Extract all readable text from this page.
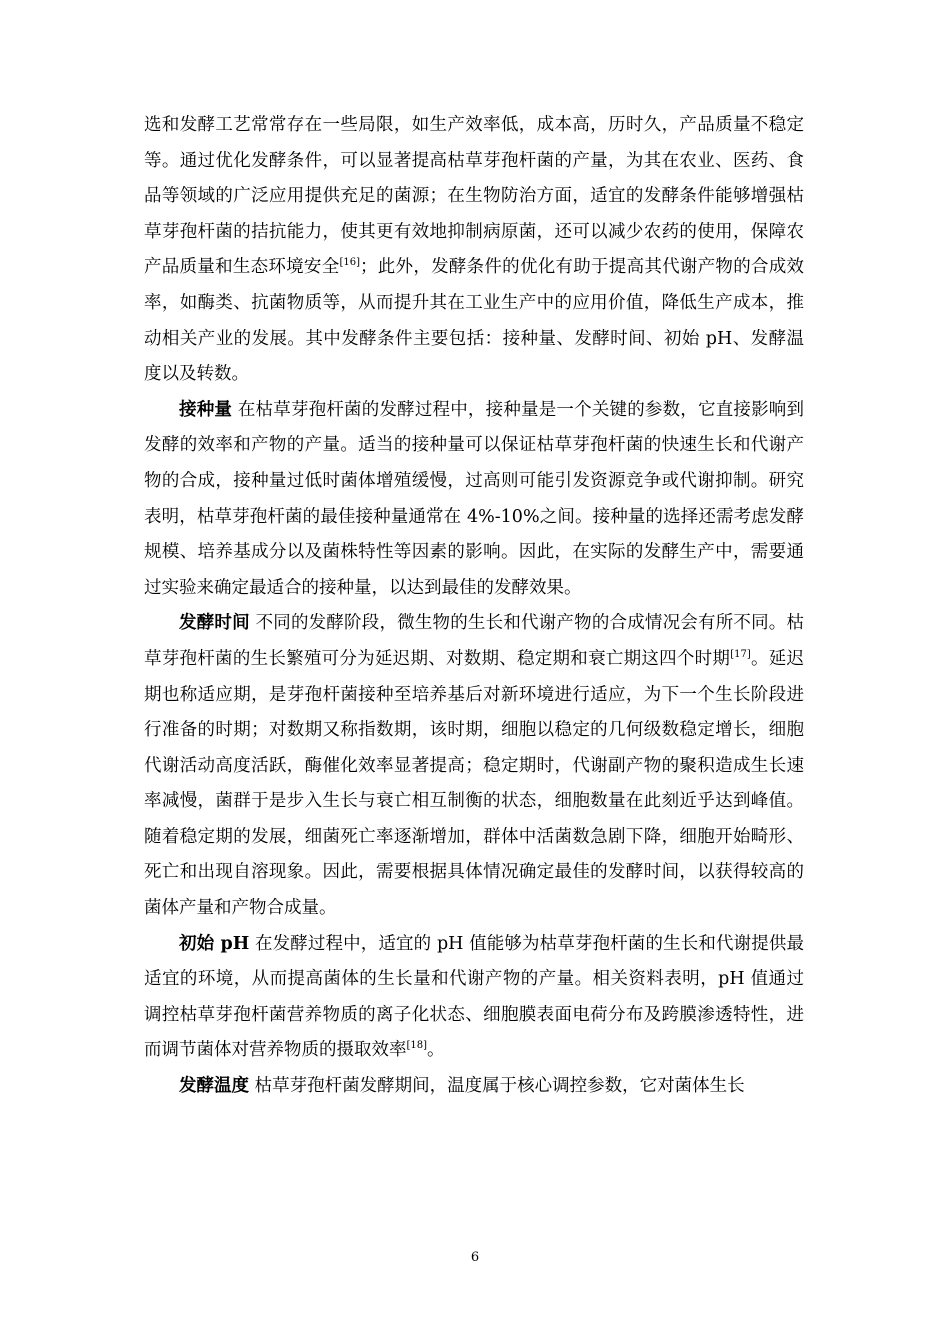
选和发酵工艺常常存在一些局限，如生产效率低，成本高，历时久，产品质量不稳定等。通过优化发酵条件，可以显著提高枯草芽孢杆菌的产量，为其在农业、医药、食品等领域的广泛应用提供充足的菌源；在生物防治方面，适宜的发酵条件能够增强枯草芽孢杆菌的拮抗能力，使其更有效地抑制病原菌，还可以减少农药的使用，保障农产品质量和生态环境安全[16]；此外，发酵条件的优化有助于提高其代谢产物的合成效率，如酶类、抗菌物质等，从而提升其在工业生产中的应用价值，降低生产成本，推动相关产业的发展。其中发酵条件主要包括：接种量、发酵时间、初始 pH、发酵温度以及转数。

接种量 在枯草芽孢杆菌的发酵过程中，接种量是一个关键的参数，它直接影响到发酵的效率和产物的产量。适当的接种量可以保证枯草芽孢杆菌的快速生长和代谢产物的合成，接种量过低时菌体增殖缓慢，过高则可能引发资源竞争或代谢抑制。研究表明，枯草芽孢杆菌的最佳接种量通常在 4%-10%之间。接种量的选择还需考虑发酵规模、培养基成分以及菌株特性等因素的影响。因此，在实际的发酵生产中，需要通过实验来确定最适合的接种量，以达到最佳的发酵效果。

发酵时间 不同的发酵阶段，微生物的生长和代谢产物的合成情况会有所不同。枯草芽孢杆菌的生长繁殖可分为延迟期、对数期、稳定期和衰亡期这四个时期[17]。延迟期也称适应期，是芽孢杆菌接种至培养基后对新环境进行适应，为下一个生长阶段进行准备的时期；对数期又称指数期，该时期，细胞以稳定的几何级数稳定增长，细胞代谢活动高度活跃，酶催化效率显著提高；稳定期时，代谢副产物的聚积造成生长速率减慢，菌群于是步入生长与衰亡相互制衡的状态，细胞数量在此刻近乎达到峰值。随着稳定期的发展，细菌死亡率逐渐增加，群体中活菌数急剧下降，细胞开始畸形、死亡和出现自溶现象。因此，需要根据具体情况确定最佳的发酵时间，以获得较高的菌体产量和产物合成量。

初始 pH 在发酵过程中，适宜的 pH 值能够为枯草芽孢杆菌的生长和代谢提供最适宜的环境，从而提高菌体的生长量和代谢产物的产量。相关资料表明，pH 值通过调控枯草芽孢杆菌营养物质的离子化状态、细胞膜表面电荷分布及跨膜渗透特性，进而调节菌体对营养物质的摄取效率[18]。

发酵温度 枯草芽孢杆菌发酵期间，温度属于核心调控参数，它对菌体生长

6
